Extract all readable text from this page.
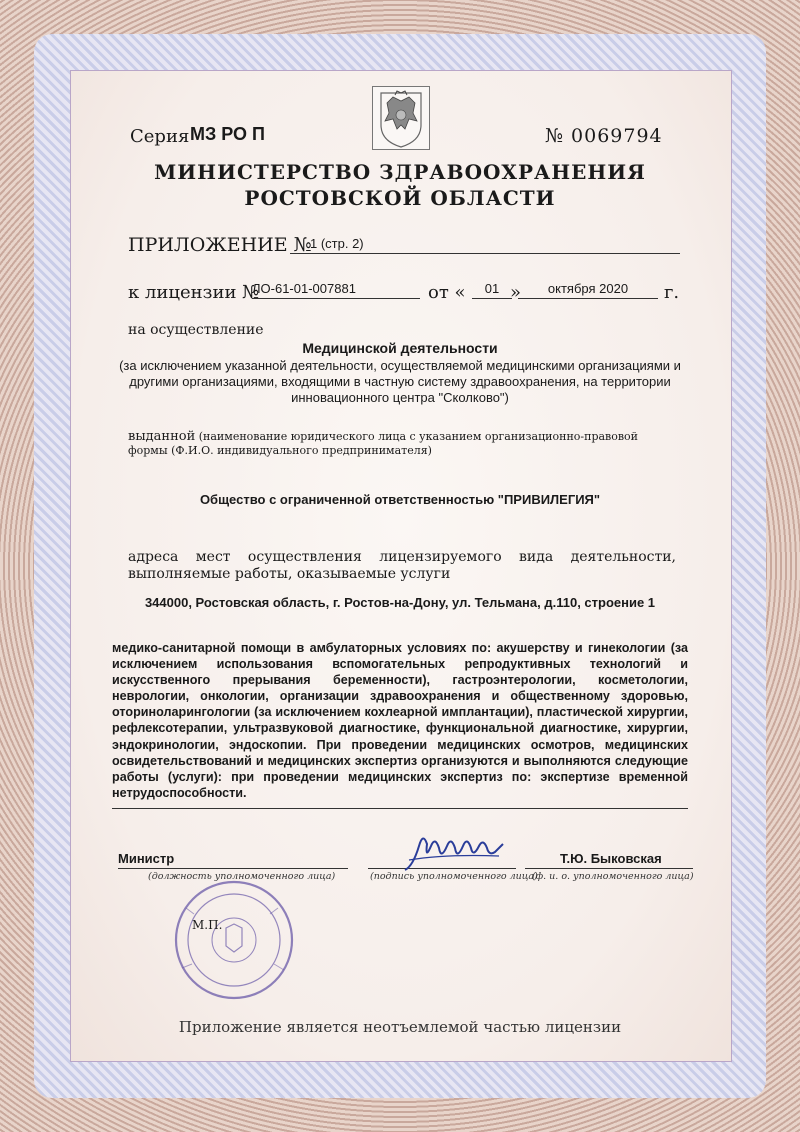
Серия МЗ РО П	№ 0069794
МИНИСТЕРСТВО ЗДРАВООХРАНЕНИЯ
РОСТОВСКОЙ ОБЛАСТИ
ПРИЛОЖЕНИЕ №
1 (стр. 2)
к лицензии №
ЛО-61-01-007881	от «	01 »	октября 2020	г.
на осуществление
Медицинской деятельности
(за исключением указанной деятельности, осуществляемой медицинскими организациями и другими организациями, входящими в частную систему здравоохранения, на территории инновационного центра "Сколково")
выданной (наименование юридического лица с указанием организационно-правовой формы (Ф.И.О. индивидуального предпринимателя)
Общество с ограниченной ответственностью "ПРИВИЛЕГИЯ"
адреса мест осуществления лицензируемого вида деятельности, выполняемые работы, оказываемые услуги
344000, Ростовская область, г. Ростов-на-Дону, ул. Тельмана, д.110, строение 1
медико-санитарной помощи в амбулаторных условиях по: акушерству и гинекологии (за исключением использования вспомогательных репродуктивных технологий и искусственного прерывания беременности), гастроэнтерологии, косметологии, неврологии, онкологии, организации здравоохранения и общественному здоровью, оториноларингологии (за исключением кохлеарной имплантации), пластической хирургии, рефлексотерапии, ультразвуковой диагностике, функциональной диагностике, хирургии, эндокринологии, эндоскопии. При проведении медицинских осмотров, медицинских освидетельствований и медицинских экспертиз организуются и выполняются следующие работы (услуги): при проведении медицинских экспертиз по: экспертизе временной нетрудоспособности.
Министр
(должность уполномоченного лица)	(подпись уполномоченного лица)
(ф. и. о. уполномоченного лица)
Т.Ю. Быковская
М.П.
Приложение является неотъемлемой частью лицензии
